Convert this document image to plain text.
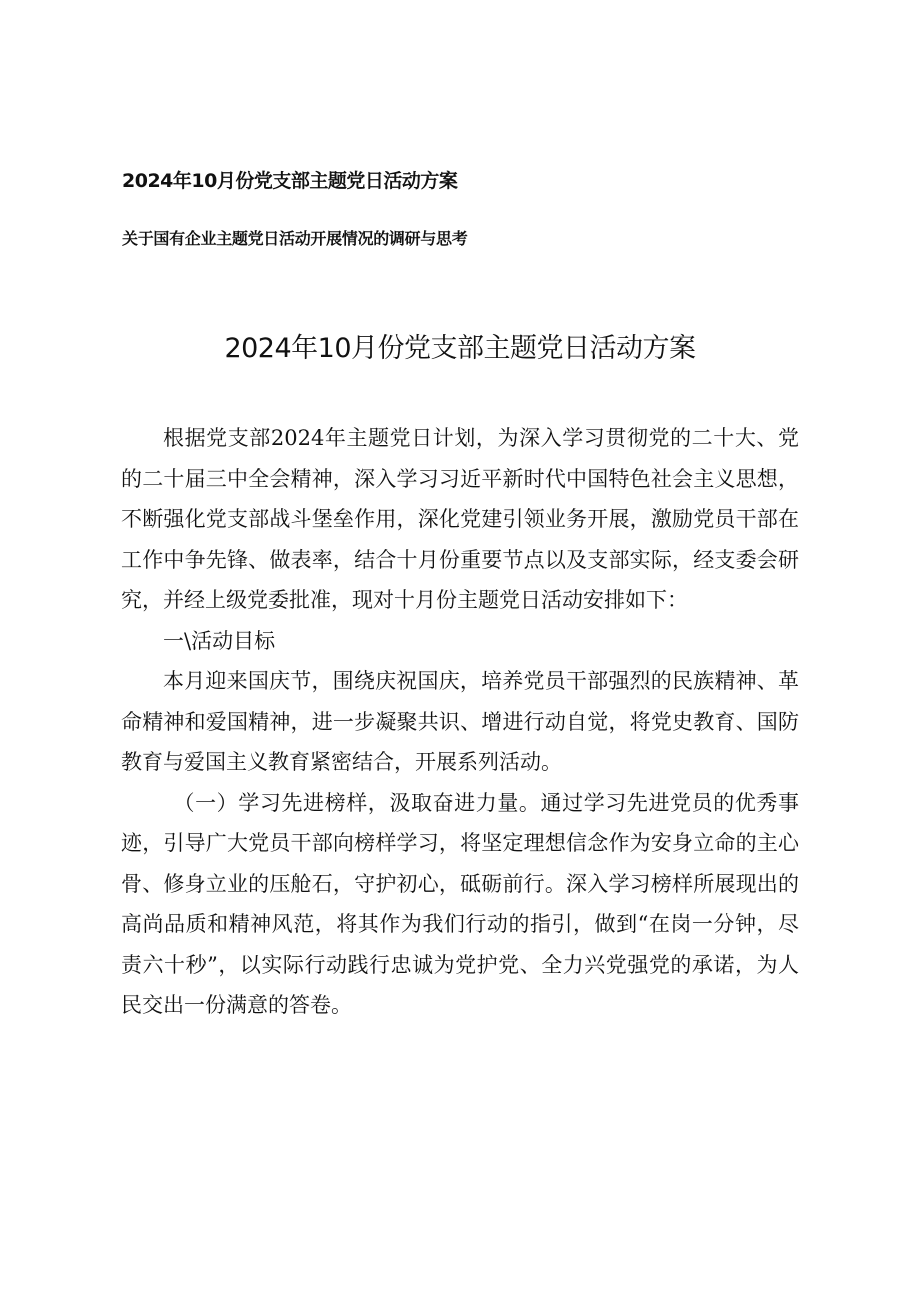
2024年10月份党支部主题党日活动方案
关于国有企业主题党日活动开展情况的调研与思考
2024年10月份党支部主题党日活动方案

根据党支部2024年主题党日计划，为深入学习贯彻党的二十大、党的二十届三中全会精神，深入学习习近平新时代中国特色社会主义思想，不断强化党支部战斗堡垒作用，深化党建引领业务开展，激励党员干部在工作中争先锋、做表率，结合十月份重要节点以及支部实际，经支委会研究，并经上级党委批准，现对十月份主题党日活动安排如下：

一\活动目标

本月迎来国庆节，围绕庆祝国庆，培养党员干部强烈的民族精神、革命精神和爱国精神，进一步凝聚共识、增进行动自觉，将党史教育、国防教育与爱国主义教育紧密结合，开展系列活动。

（一）学习先进榜样，汲取奋进力量。通过学习先进党员的优秀事迹，引导广大党员干部向榜样学习，将坚定理想信念作为安身立命的主心骨、修身立业的压舱石，守护初心，砥砺前行。深入学习榜样所展现出的高尚品质和精神风范，将其作为我们行动的指引，做到“在岗一分钟，尽责六十秒”，以实际行动践行忠诚为党护党、全力兴党强党的承诺，为人民交出一份满意的答卷。
